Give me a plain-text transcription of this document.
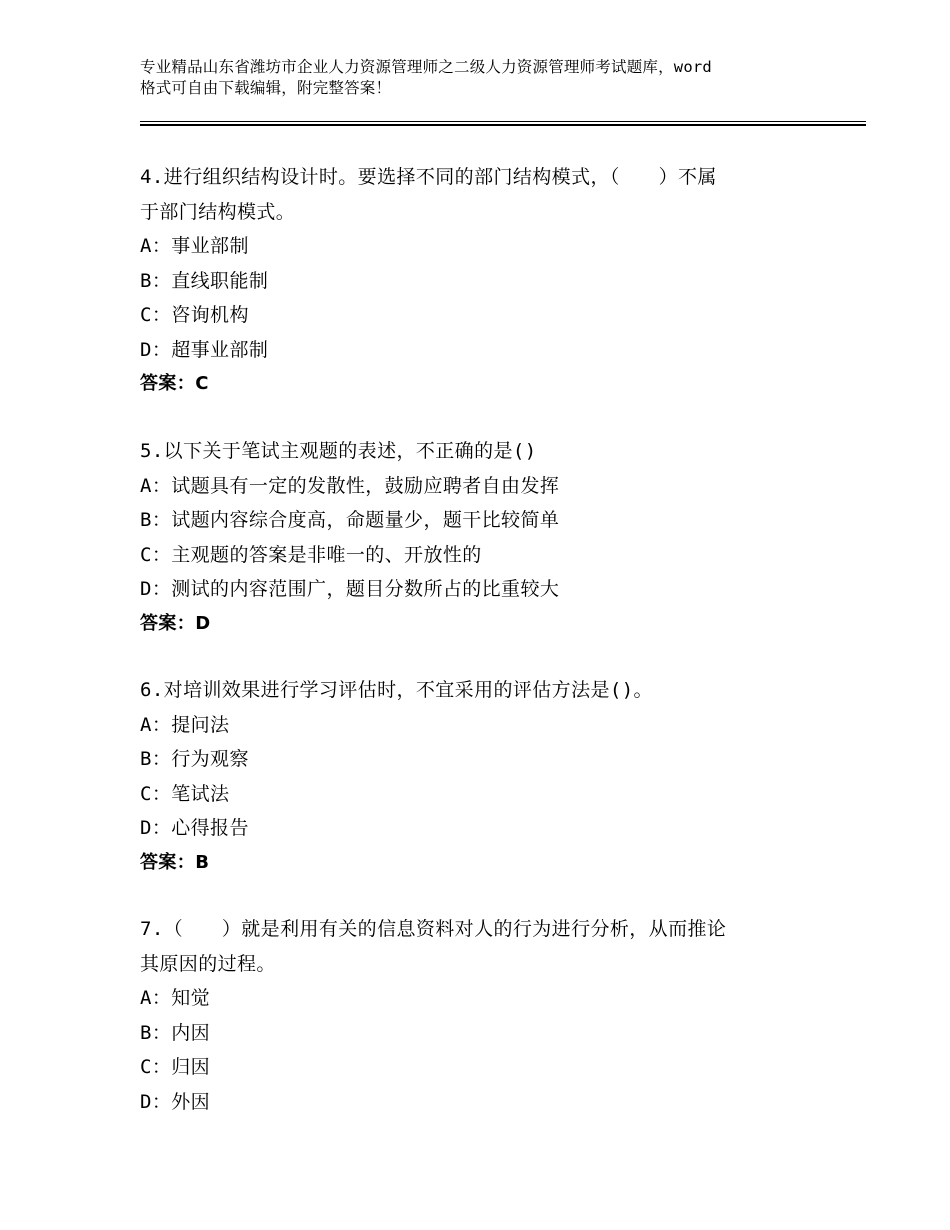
专业精品山东省潍坊市企业人力资源管理师之二级人力资源管理师考试题库，word
格式可自由下载编辑，附完整答案！
4.进行组织结构设计时。要选择不同的部门结构模式，（　　）不属
于部门结构模式。
A：事业部制
B：直线职能制
C：咨询机构
D：超事业部制
答案：C
5.以下关于笔试主观题的表述，不正确的是()
A：试题具有一定的发散性，鼓励应聘者自由发挥
B：试题内容综合度高，命题量少，题干比较简单
C：主观题的答案是非唯一的、开放性的
D：测试的内容范围广，题目分数所占的比重较大
答案：D
6.对培训效果进行学习评估时，不宜采用的评估方法是()。
A：提问法
B：行为观察
C：笔试法
D：心得报告
答案：B
7.（　　）就是利用有关的信息资料对人的行为进行分析，从而推论
其原因的过程。
A：知觉
B：内因
C：归因
D：外因
